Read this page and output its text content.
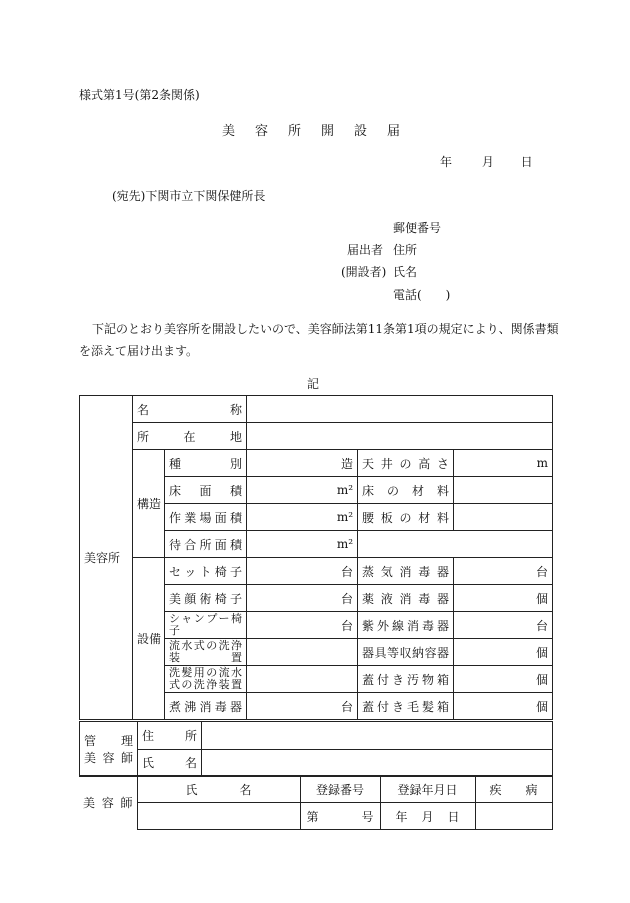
様式第1号(第2条関係)
美容所開設届
年 月 日
(宛先)下関市立下関保健所長
郵便番号
届出者 住所
(開設者) 氏名
電話(　　)
下記のとおり美容所を開設したいので、美容師法第11条第1項の規定により、関係書類
を添えて届け出ます。
記
美容所	名称				

	所在地				

	構造	種別	造	天井の高さ	m

		床面積	m²	床の材料	

		作業場面積	m²	腰板の材料	

		待合所面積	m²		
	設備	セット椅子	台	蒸気消毒器	台

		美顔術椅子	台	薬液消毒器	個

		シャンプー椅子	台	紫外線消毒器	台

		流水式の洗浄装置		器具等収納容器	個

		洗髪用の流水式の洗浄装置		蓋付き汚物箱	個

		煮沸消毒器	台	蓋付き毛髪箱	個
管理
美容師	住所	

	氏名	

美容師	氏名	登録番号	登録年月日	疾病

		第 号	年 月 日	
